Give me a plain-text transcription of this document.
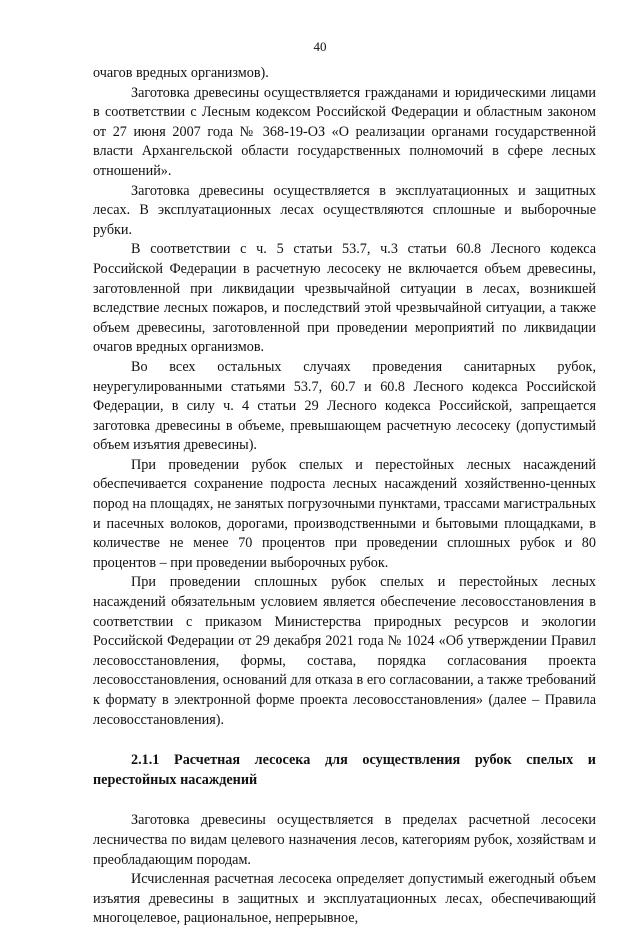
40

очагов вредных организмов).

Заготовка древесины осуществляется гражданами и юридическими лицами в соответствии с Лесным кодексом Российской Федерации и областным законом от 27 июня 2007 года № 368-19-ОЗ «О реализации органами государственной власти Архангельской области государственных полномочий в сфере лесных отношений».

Заготовка древесины осуществляется в эксплуатационных и защитных лесах. В эксплуатационных лесах осуществляются сплошные и выборочные рубки.

В соответствии с ч. 5 статьи 53.7, ч.3 статьи 60.8 Лесного кодекса Российской Федерации в расчетную лесосеку не включается объем древесины, заготовленной при ликвидации чрезвычайной ситуации в лесах, возникшей вследствие лесных пожаров, и последствий этой чрезвычайной ситуации, а также объем древесины, заготовленной при проведении мероприятий по ликвидации очагов вредных организмов.

Во всех остальных случаях проведения санитарных рубок, неурегулированными статьями 53.7, 60.7 и 60.8 Лесного кодекса Российской Федерации, в силу ч. 4 статьи 29 Лесного кодекса Российской, запрещается заготовка древесины в объеме, превышающем расчетную лесосеку (допустимый объем изъятия древесины).

При проведении рубок спелых и перестойных лесных насаждений обеспечивается сохранение подроста лесных насаждений хозяйственно-ценных пород на площадях, не занятых погрузочными пунктами, трассами магистральных и пасечных волоков, дорогами, производственными и бытовыми площадками, в количестве не менее 70 процентов при проведении сплошных рубок и 80 процентов – при проведении выборочных рубок.

При проведении сплошных рубок спелых и перестойных лесных насаждений обязательным условием является обеспечение лесовосстановления в соответствии с приказом Министерства природных ресурсов и экологии Российской Федерации от 29 декабря 2021 года № 1024 «Об утверждении Правил лесовосстановления, формы, состава, порядка согласования проекта лесовосстановления, оснований для отказа в его согласовании, а также требований к формату в электронной форме проекта лесовосстановления» (далее – Правила лесовосстановления).

2.1.1 Расчетная лесосека для осуществления рубок спелых и перестойных насаждений

Заготовка древесины осуществляется в пределах расчетной лесосеки лесничества по видам целевого назначения лесов, категориям рубок, хозяйствам и преобладающим породам.

Исчисленная расчетная лесосека определяет допустимый ежегодный объем изъятия древесины в защитных и эксплуатационных лесах, обеспечивающий многоцелевое, рациональное, непрерывное,
